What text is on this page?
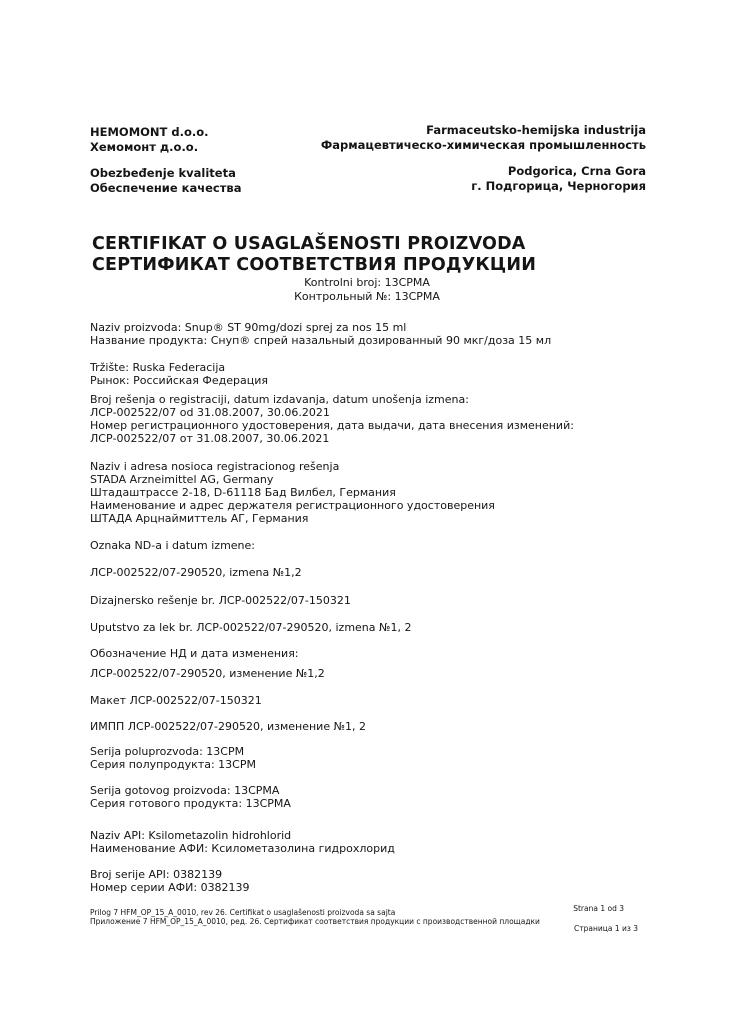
HEMOMONT d.o.o.
Хемомонт д.о.о.
Obezbeđenje kvaliteta
Обеспечение качества
Farmaceutsko-hemijska industrija
Фармацевтическо-химическая промышленность
Podgorica, Crna Gora
г. Подгорица, Черногория
CERTIFIKAT O USAGLAŠENOSTI PROIZVODA
СЕРТИФИКАТ СООТВЕТСТВИЯ ПРОДУКЦИИ
Kontrolni broj: 13CPMA
Контрольный №: 13CPMA
Naziv proizvoda: Snup® ST 90mg/dozi sprej za nos 15 ml
Название продукта: Снуп® спрей назальный дозированный 90 мкг/доза 15 мл
Tržište: Ruska Federacija
Рынок: Российская Федерация
Broj rešenja o registraciji, datum izdavanja, datum unošenja izmena:
ЛСР-002522/07 od 31.08.2007, 30.06.2021
Номер регистрационного удостоверения, дата выдачи, дата внесения изменений:
ЛСР-002522/07 от 31.08.2007, 30.06.2021
Naziv i adresa nosioca registracionog rešenja
STADA Arzneimittel AG, Germany
Штадаштрассе 2-18, D-61118 Бад Вилбел, Германия
Наименование и адрес держателя регистрационного удостоверения
ШТАДА Арцнаймиттель АГ, Германия
Oznaka ND-a i datum izmene:
ЛСР-002522/07-290520, izmena №1,2
Dizajnersko rešenje br. ЛСР-002522/07-150321
Uputstvo za lek br. ЛСР-002522/07-290520, izmena №1, 2
Обозначение НД и дата изменения:
ЛСР-002522/07-290520, изменение №1,2
Макет ЛСР-002522/07-150321
ИМПП ЛСР-002522/07-290520, изменение №1, 2
Serija poluprozvoda: 13CPM
Серия полупродукта: 13CPM
Serija gotovog proizvoda: 13CPMA
Серия готового продукта: 13CPMA
Naziv API: Ksilometazolin hidrohlorid
Наименование АФИ: Ксилометазолина гидрохлорид
Broj serije API: 0382139
Номер серии АФИ: 0382139
Prilog 7 HFM_OP_15_A_0010, rev 26. Certifikat o usaglašenosti proizvoda sa sajta
Приложение 7 HFM_OP_15_A_0010, ред. 26. Сертификат соответствия продукции с производственной площадки
Strana 1 od 3
Страница 1 из 3
